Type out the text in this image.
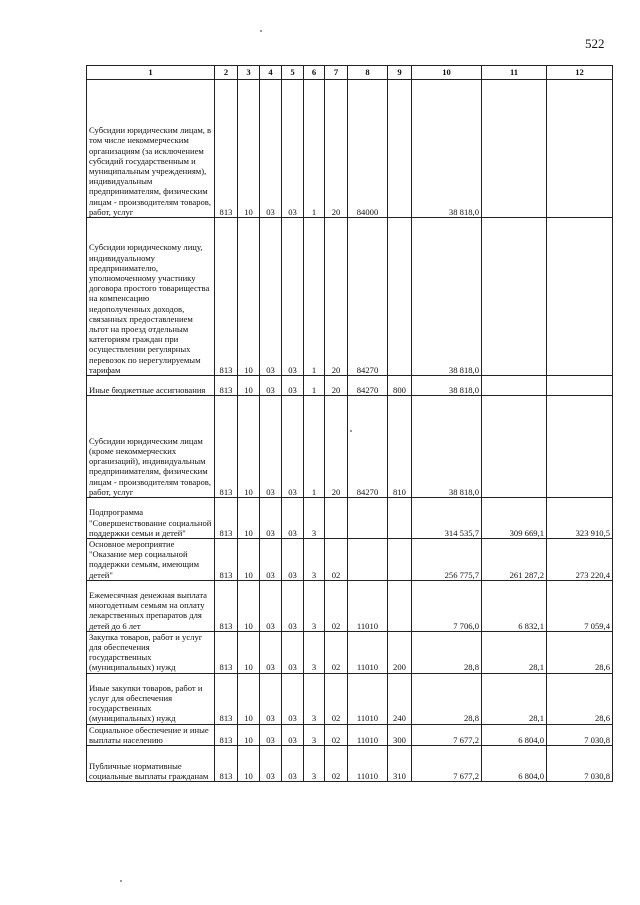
522
1	2	3	4	5	6	7	8	9	10	11	12
Субсидии юридическим лицам, в том числе некоммерческим организациям (за исключением субсидий государственным и муниципальным учреждениям), индивидуальным предпринимателям, физическим лицам - производителям товаров, работ, услуг	813	10	03	03	1	20	84000		38 818,0		
Субсидии юридическому лицу, индивидуальному предпринимателю, уполномоченному участнику договора простого товарищества на компенсацию недополученных доходов, связанных предоставлением льгот на проезд отдельным категориям граждан при осуществлении регулярных перевозок по нерегулируемым тарифам	813	10	03	03	1	20	84270		38 818,0		
Иные бюджетные ассигнования	813	10	03	03	1	20	84270	800	38 818,0		
Субсидии юридическим лицам (кроме некоммерческих организаций), индивидуальным предпринимателям, физическим лицам - производителям товаров, работ, услуг	813	10	03	03	1	20	84270	810	38 818,0		
Подпрограмма "Совершенствование социальной поддержки семьи и детей"	813	10	03	03	3				314 535,7	309 669,1	323 910,5
Основное мероприятие "Оказание мер социальной поддержки семьям, имеющим детей"	813	10	03	03	3	02			256 775,7	261 287,2	273 220,4
Ежемесячная денежная выплата многодетным семьям на оплату лекарственных препаратов для детей до 6 лет	813	10	03	03	3	02	11010		7 706,0	6 832,1	7 059,4
Закупка товаров, работ и услуг для обеспечения государственных (муниципальных) нужд	813	10	03	03	3	02	11010	200	28,8	28,1	28,6
Иные закупки товаров, работ и услуг для обеспечения государственных (муниципальных) нужд	813	10	03	03	3	02	11010	240	28,8	28,1	28,6
Социальное обеспечение и иные выплаты населению	813	10	03	03	3	02	11010	300	7 677,2	6 804,0	7 030,8
Публичные нормативные социальные выплаты гражданам	813	10	03	03	3	02	11010	310	7 677,2	6 804,0	7 030,8
